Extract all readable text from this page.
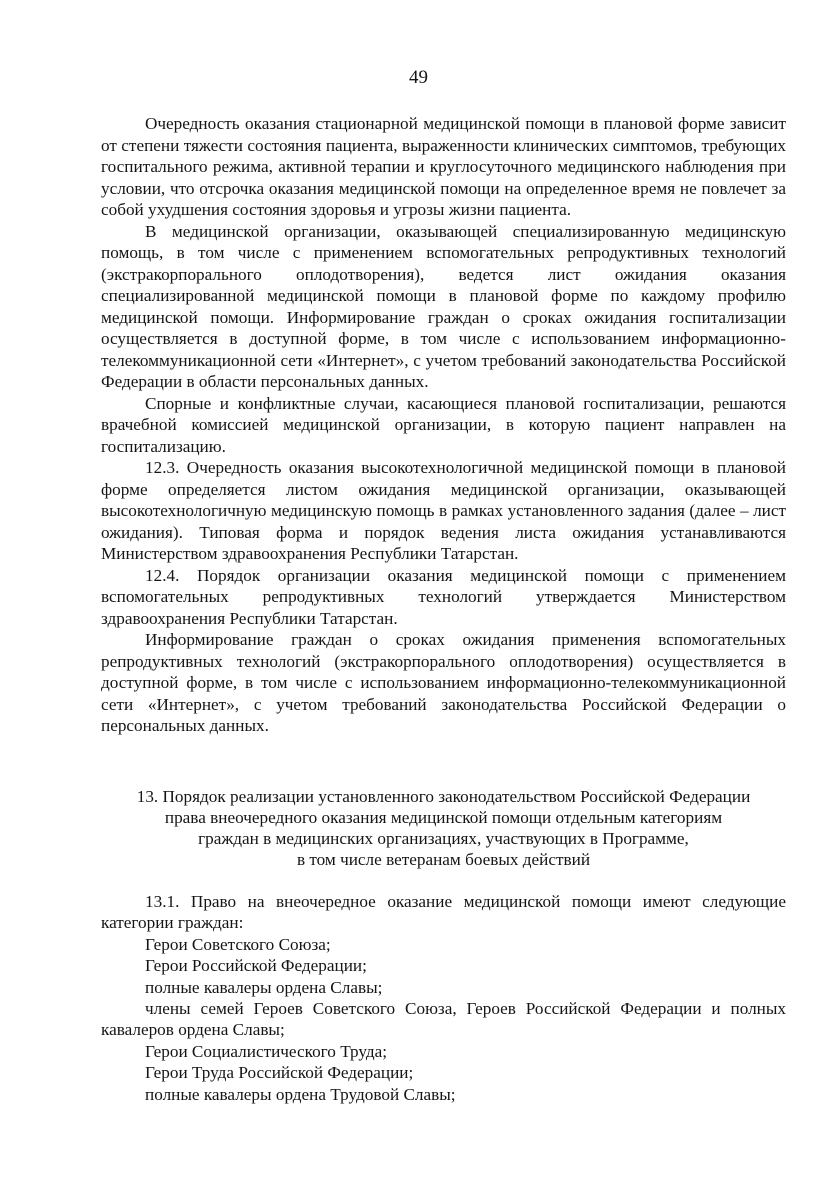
49

Очередность оказания стационарной медицинской помощи в плановой форме зависит от степени тяжести состояния пациента, выраженности клинических симптомов, требующих госпитального режима, активной терапии и круглосуточного медицинского наблюдения при условии, что отсрочка оказания медицинской помощи на определенное время не повлечет за собой ухудшения состояния здоровья и угрозы жизни пациента.

В медицинской организации, оказывающей специализированную медицинскую помощь, в том числе с применением вспомогательных репродуктивных технологий (экстракорпорального оплодотворения), ведется лист ожидания оказания специализированной медицинской помощи в плановой форме по каждому профилю медицинской помощи. Информирование граждан о сроках ожидания госпитализации осуществляется в доступной форме, в том числе с использованием информационно-телекоммуникационной сети «Интернет», с учетом требований законодательства Российской Федерации в области персональных данных.

Спорные и конфликтные случаи, касающиеся плановой госпитализации, решаются врачебной комиссией медицинской организации, в которую пациент направлен на госпитализацию.

12.3. Очередность оказания высокотехнологичной медицинской помощи в плановой форме определяется листом ожидания медицинской организации, оказывающей высокотехнологичную медицинскую помощь в рамках установленного задания (далее – лист ожидания). Типовая форма и порядок ведения листа ожидания устанавливаются Министерством здравоохранения Республики Татарстан.

12.4. Порядок организации оказания медицинской помощи с применением вспомогательных репродуктивных технологий утверждается Министерством здравоохранения Республики Татарстан.

Информирование граждан о сроках ожидания применения вспомогательных репродуктивных технологий (экстракорпорального оплодотворения) осуществляется в доступной форме, в том числе с использованием информационно-телекоммуникационной сети «Интернет», с учетом требований законодательства Российской Федерации о персональных данных.

13. Порядок реализации установленного законодательством Российской Федерации
права внеочередного оказания медицинской помощи отдельным категориям
граждан в медицинских организациях, участвующих в Программе,
в том числе ветеранам боевых действий

13.1. Право на внеочередное оказание медицинской помощи имеют следующие категории граждан:

Герои Советского Союза;

Герои Российской Федерации;

полные кавалеры ордена Славы;

члены семей Героев Советского Союза, Героев Российской Федерации и полных кавалеров ордена Славы;

Герои Социалистического Труда;

Герои Труда Российской Федерации;

полные кавалеры ордена Трудовой Славы;
